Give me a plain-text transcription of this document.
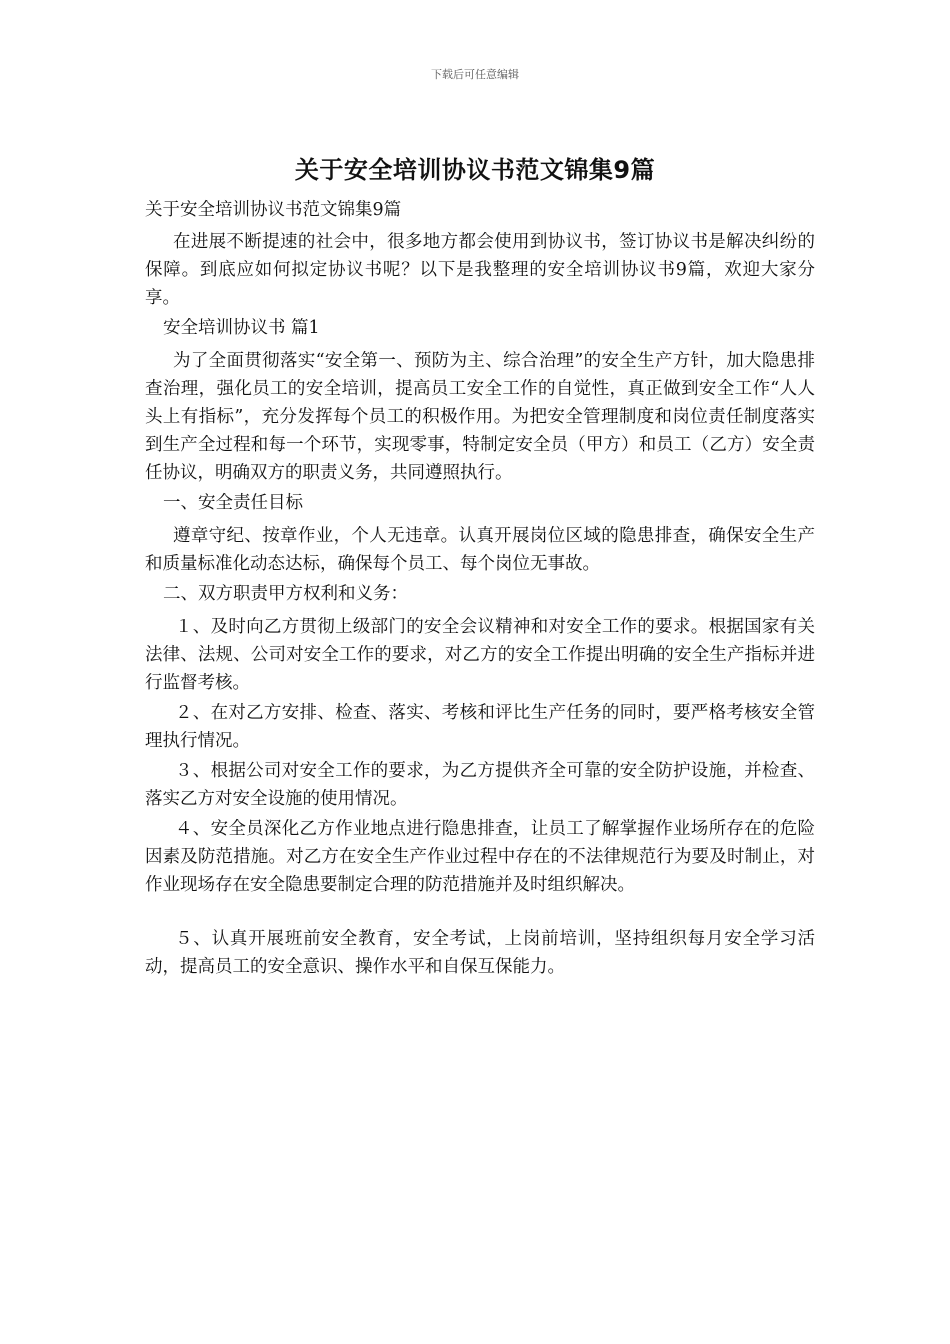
下载后可任意编辑
关于安全培训协议书范文锦集9篇

关于安全培训协议书范文锦集9篇

在进展不断提速的社会中，很多地方都会使用到协议书，签订协议书是解决纠纷的保障。到底应如何拟定协议书呢？以下是我整理的安全培训协议书9篇，欢迎大家分享。

安全培训协议书 篇1

为了全面贯彻落实“安全第一、预防为主、综合治理”的安全生产方针，加大隐患排查治理，强化员工的安全培训，提高员工安全工作的自觉性，真正做到安全工作“人人头上有指标”，充分发挥每个员工的积极作用。为把安全管理制度和岗位责任制度落实到生产全过程和每一个环节，实现零事，特制定安全员（甲方）和员工（乙方）安全责任协议，明确双方的职责义务，共同遵照执行。

一、安全责任目标

遵章守纪、按章作业，个人无违章。认真开展岗位区域的隐患排查，确保安全生产和质量标准化动态达标，确保每个员工、每个岗位无事故。

二、双方职责甲方权利和义务：

１、及时向乙方贯彻上级部门的安全会议精神和对安全工作的要求。根据国家有关法律、法规、公司对安全工作的要求，对乙方的安全工作提出明确的安全生产指标并进行监督考核。

２、在对乙方安排、检查、落实、考核和评比生产任务的同时，要严格考核安全管理执行情况。

３、根据公司对安全工作的要求，为乙方提供齐全可靠的安全防护设施，并检查、落实乙方对安全设施的使用情况。

４、安全员深化乙方作业地点进行隐患排查，让员工了解掌握作业场所存在的危险因素及防范措施。对乙方在安全生产作业过程中存在的不法律规范行为要及时制止，对作业现场存在安全隐患要制定合理的防范措施并及时组织解决。

５、认真开展班前安全教育，安全考试，上岗前培训，坚持组织每月安全学习活动，提高员工的安全意识、操作水平和自保互保能力。
